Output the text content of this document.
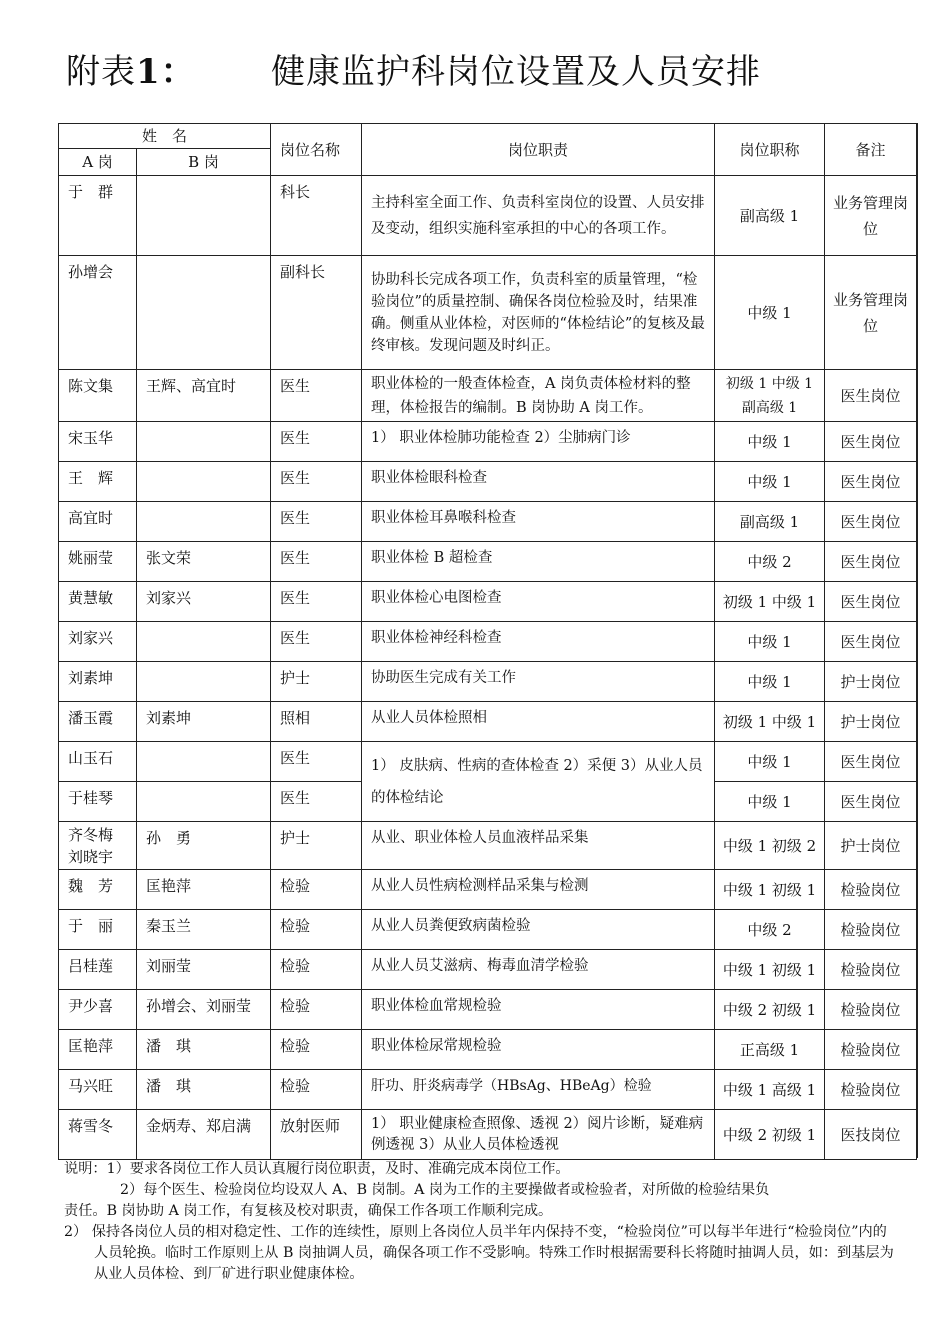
附表1： 健康监护科岗位设置及人员安排
姓　名		岗位名称	岗位职责	岗位职称	备注
A 岗	B 岗				
于　群		科长	主持科室全面工作、负责科室岗位的设置、人员安排及变动，组织实施科室承担的中心的各项工作。	副高级 1	业务管理岗位
孙增会		副科长	协助科长完成各项工作，负责科室的质量管理，“检验岗位”的质量控制、确保各岗位检验及时，结果准确。侧重从业体检，对医师的“体检结论”的复核及最终审核。发现问题及时纠正。	中级 1	业务管理岗位
陈文集	王辉、高宜时	医生	职业体检的一般查体检查，A 岗负责体检材料的整理，体检报告的编制。B 岗协助 A 岗工作。	初级 1 中级 1 副高级 1	医生岗位
宋玉华		医生	1） 职业体检肺功能检查 2）尘肺病门诊	中级 1	医生岗位
王　辉		医生	职业体检眼科检查	中级 1	医生岗位
高宜时		医生	职业体检耳鼻喉科检查	副高级 1	医生岗位
姚丽莹	张文荣	医生	职业体检 B 超检查	中级 2	医生岗位
黄慧敏	刘家兴	医生	职业体检心电图检查	初级 1 中级 1	医生岗位
刘家兴		医生	职业体检神经科检查	中级 1	医生岗位
刘素坤		护士	协助医生完成有关工作	中级 1	护士岗位
潘玉霞	刘素坤	照相	从业人员体检照相	初级 1 中级 1	护士岗位
山玉石		医生	1） 皮肤病、性病的查体检查 2）采便 3）从业人员的体检结论	中级 1	医生岗位
于桂琴		医生		中级 1	医生岗位
齐冬梅 刘晓宇	孙　勇	护士	从业、职业体检人员血液样品采集	中级 1 初级 2	护士岗位
魏　芳	匡艳萍	检验	从业人员性病检测样品采集与检测	中级 1 初级 1	检验岗位
于　丽	秦玉兰	检验	从业人员粪便致病菌检验	中级 2	检验岗位
吕桂莲	刘丽莹	检验	从业人员艾滋病、梅毒血清学检验	中级 1 初级 1	检验岗位
尹少喜	孙增会、刘丽莹	检验	职业体检血常规检验	中级 2 初级 1	检验岗位
匡艳萍	潘　琪	检验	职业体检尿常规检验	正高级 1	检验岗位
马兴旺	潘　琪	检验	肝功、肝炎病毒学（HBsAg、HBeAg）检验	中级 1 高级 1	检验岗位
蒋雪冬	金炳寿、郑启满	放射医师	1） 职业健康检查照像、透视 2）阅片诊断，疑难病例透视 3）从业人员体检透视	中级 2 初级 1	医技岗位

说明：1）要求各岗位工作人员认真履行岗位职责，及时、准确完成本岗位工作。

2）每个医生、检验岗位均设双人 A、B 岗制。A 岗为工作的主要操做者或检验者，对所做的检验结果负

责任。B 岗协助 A 岗工作，有复核及校对职责，确保工作各项工作顺利完成。

2） 保持各岗位人员的相对稳定性、工作的连续性，原则上各岗位人员半年内保持不变，“检验岗位”可以每半年进行“检验岗位”内的人员轮换。临时工作原则上从 B 岗抽调人员，确保各项工作不受影响。特殊工作时根据需要科长将随时抽调人员，如：到基层为从业人员体检、到厂矿进行职业健康体检。
